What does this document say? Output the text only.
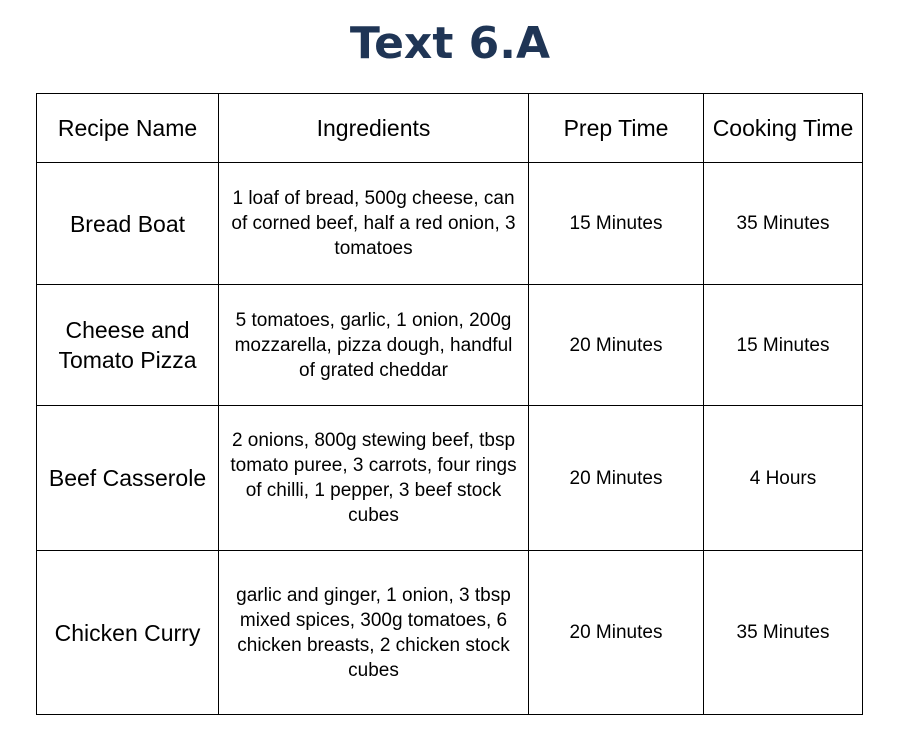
Text 6.A
Recipe Name	Ingredients	Prep Time	Cooking Time
Bread Boat	1 loaf of bread, 500g cheese, can of corned beef, half a red onion, 3 tomatoes	15 Minutes	35 Minutes
Cheese and Tomato Pizza	5 tomatoes, garlic, 1 onion, 200g mozzarella, pizza dough, handful of grated cheddar	20 Minutes	15 Minutes
Beef Casserole	2 onions, 800g stewing beef, tbsp tomato puree, 3 carrots, four rings of chilli, 1 pepper, 3 beef stock cubes	20 Minutes	4 Hours
Chicken Curry	garlic and ginger, 1 onion, 3 tbsp mixed spices, 300g tomatoes, 6 chicken breasts, 2 chicken stock cubes	20 Minutes	35 Minutes
